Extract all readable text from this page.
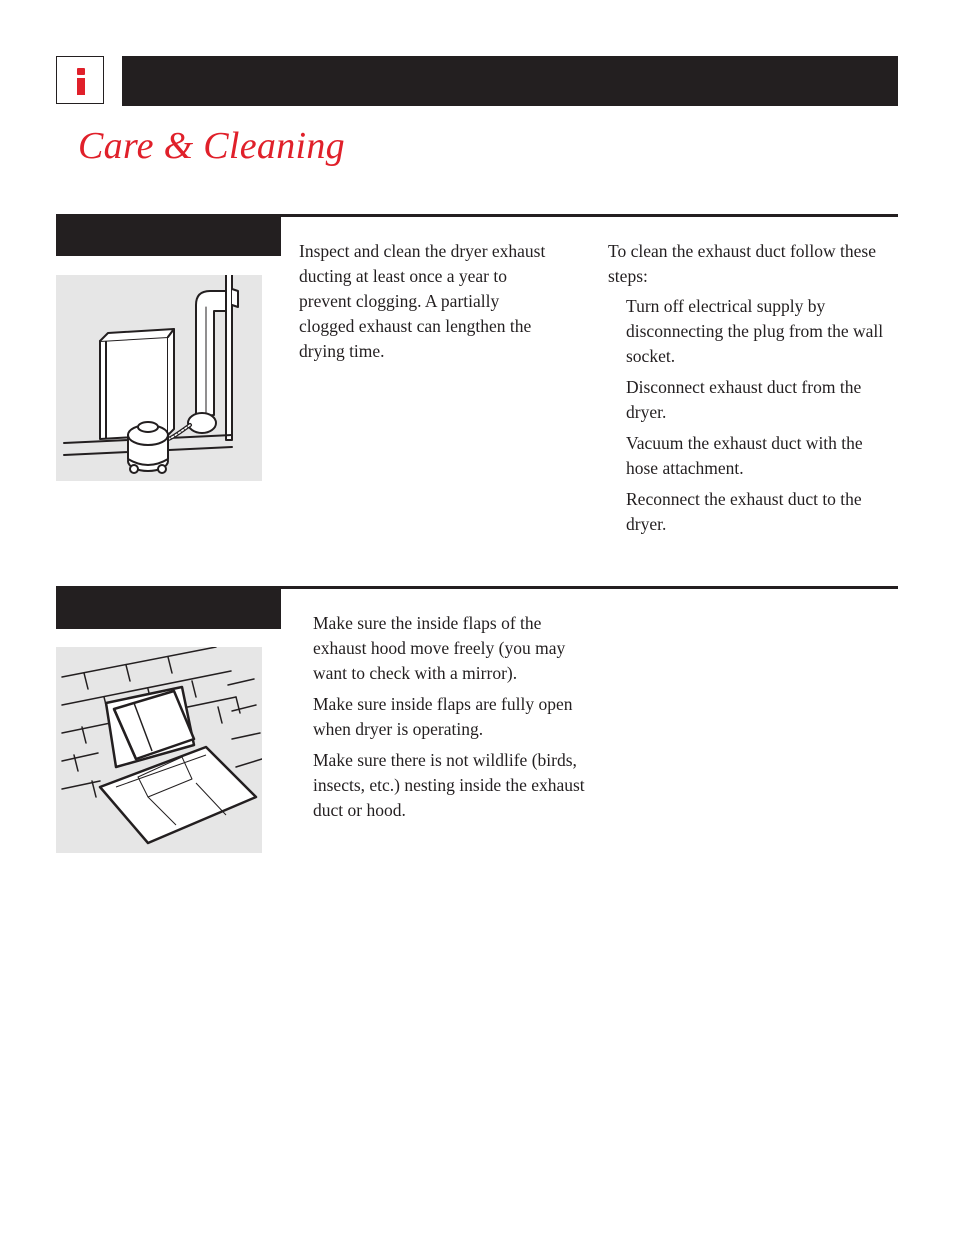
Care & Cleaning

Inspect and clean the dryer exhaust ducting at least once a year to prevent clogging. A partially clogged exhaust can lengthen the drying time.

To clean the exhaust duct follow these steps:

Turn off electrical supply by disconnecting the plug from the wall socket.
Disconnect exhaust duct from the dryer.
Vacuum the exhaust duct with the hose attachment.
Reconnect the exhaust duct to the dryer.

Make sure the inside flaps of the exhaust hood move freely (you may want to check with a mirror).

Make sure inside flaps are fully open when dryer is operating.

Make sure there is not wildlife (birds, insects, etc.) nesting inside the exhaust duct or hood.
